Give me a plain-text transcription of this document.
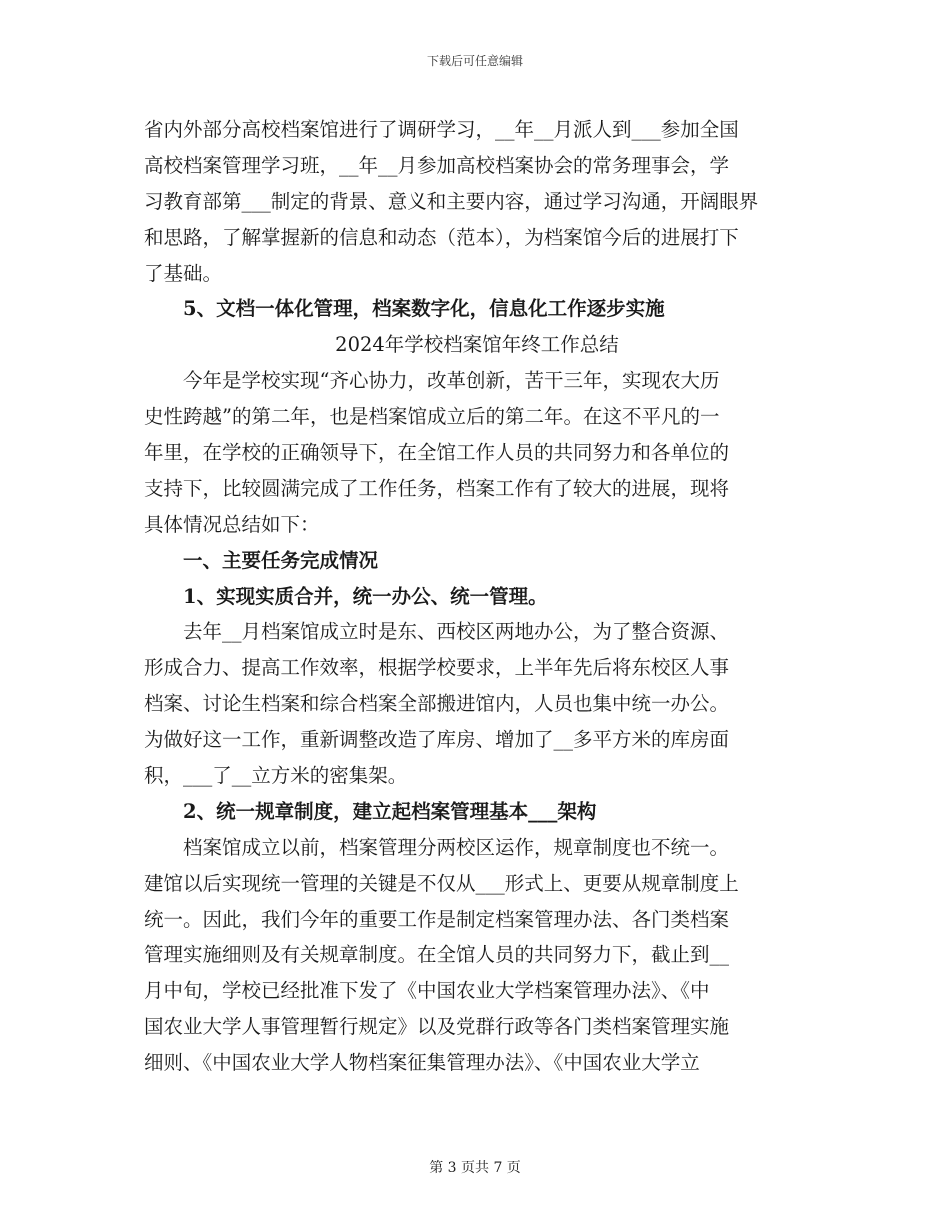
下载后可任意编辑
省内外部分高校档案馆进行了调研学习，__年__月派人到___参加全国
高校档案管理学习班，__年__月参加高校档案协会的常务理事会，学
习教育部第___制定的背景、意义和主要内容，通过学习沟通，开阔眼界
和思路，了解掌握新的信息和动态（范本），为档案馆今后的进展打下
了基础。
5、文档一体化管理，档案数字化，信息化工作逐步实施
2024年学校档案馆年终工作总结
今年是学校实现“齐心协力，改革创新，苦干三年，实现农大历
史性跨越”的第二年，也是档案馆成立后的第二年。在这不平凡的一
年里，在学校的正确领导下，在全馆工作人员的共同努力和各单位的
支持下，比较圆满完成了工作任务，档案工作有了较大的进展，现将
具体情况总结如下：
一、主要任务完成情况
1、实现实质合并，统一办公、统一管理。
去年__月档案馆成立时是东、西校区两地办公，为了整合资源、
形成合力、提高工作效率，根据学校要求，上半年先后将东校区人事
档案、讨论生档案和综合档案全部搬进馆内，人员也集中统一办公。
为做好这一工作，重新调整改造了库房、增加了__多平方米的库房面
积，___了__立方米的密集架。
2、统一规章制度，建立起档案管理基本___架构
档案馆成立以前，档案管理分两校区运作，规章制度也不统一。
建馆以后实现统一管理的关键是不仅从___形式上、更要从规章制度上
统一。因此，我们今年的重要工作是制定档案管理办法、各门类档案
管理实施细则及有关规章制度。在全馆人员的共同努力下，截止到__
月中旬，学校已经批准下发了《中国农业大学档案管理办法》、《中
国农业大学人事管理暂行规定》以及党群行政等各门类档案管理实施
细则、《中国农业大学人物档案征集管理办法》、《中国农业大学立
第 3 页共 7 页
